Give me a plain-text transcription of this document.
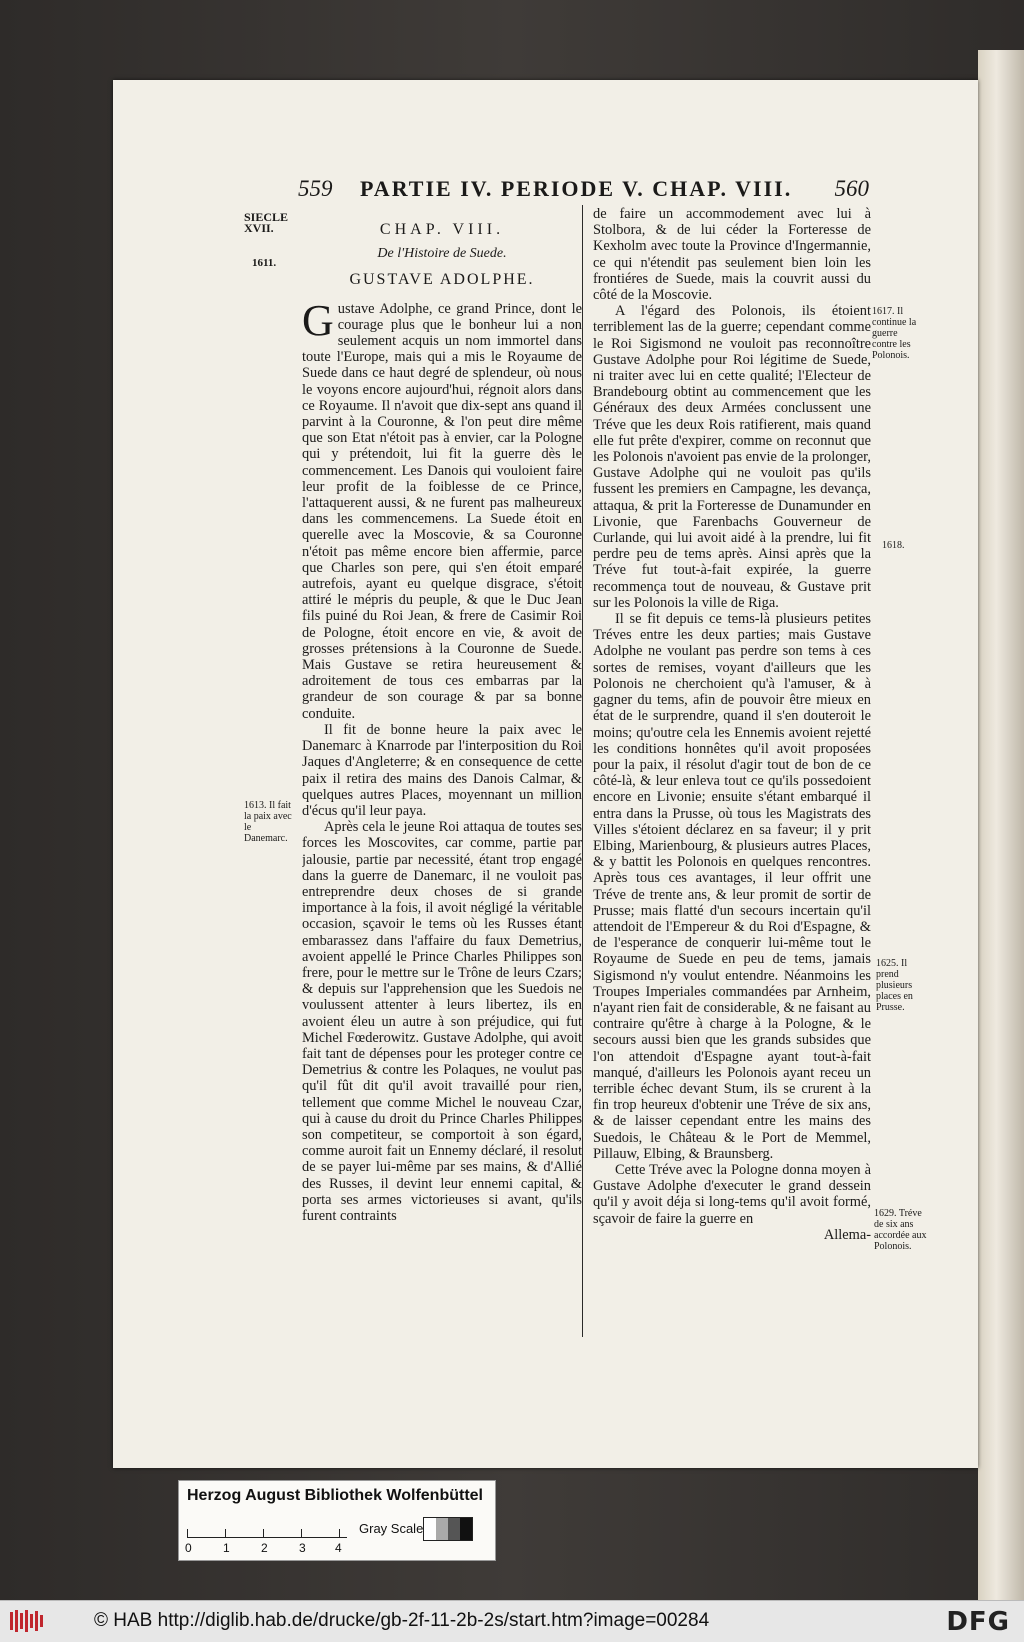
559 PARTIE IV. PERIODE V. CHAP. VIII. 560
SIECLE XVII.
1611.
1613. Il fait la paix avec le Danemarc.
1617. Il continue la guerre contre les Polonois.
1618.
1625. Il prend plusieurs places en Prusse.
1629. Tréve de six ans accordée aux Polonois.
CHAP. VIII.
De l'Histoire de Suede.
GUSTAVE ADOLPHE.

Gustave Adolphe, ce grand Prince, dont le courage plus que le bonheur lui a non seulement acquis un nom immortel dans toute l'Europe, mais qui a mis le Royaume de Suede dans ce haut degré de splendeur, où nous le voyons encore aujourd'hui, régnoit alors dans ce Royaume. Il n'avoit que dix-sept ans quand il parvint à la Couronne, & l'on peut dire même que son Etat n'étoit pas à envier, car la Pologne qui y prétendoit, lui fit la guerre dès le commencement. Les Danois qui vouloient faire leur profit de la foiblesse de ce Prince, l'attaquerent aussi, & ne furent pas malheureux dans les commencemens. La Suede étoit en querelle avec la Moscovie, & sa Couronne n'étoit pas même encore bien affermie, parce que Charles son pere, qui s'en étoit emparé autrefois, ayant eu quelque disgrace, s'étoit attiré le mépris du peuple, & que le Duc Jean fils puiné du Roi Jean, & frere de Casimir Roi de Pologne, étoit encore en vie, & avoit de grosses prétensions à la Couronne de Suede. Mais Gustave se retira heureusement & adroitement de tous ces embarras par la grandeur de son courage & par sa bonne conduite.

Il fit de bonne heure la paix avec le Danemarc à Knarrode par l'interposition du Roi Jaques d'Angleterre; & en consequence de cette paix il retira des mains des Danois Calmar, & quelques autres Places, moyennant un million d'écus qu'il leur paya.

Après cela le jeune Roi attaqua de toutes ses forces les Moscovites, car comme, partie par jalousie, partie par necessité, étant trop engagé dans la guerre de Danemarc, il ne vouloit pas entreprendre deux choses de si grande importance à la fois, il avoit négligé la véritable occasion, sçavoir le tems où les Russes étant embarassez dans l'affaire du faux Demetrius, avoient appellé le Prince Charles Philippes son frere, pour le mettre sur le Trône de leurs Czars; & depuis sur l'apprehension que les Suedois ne voulussent attenter à leurs libertez, ils en avoient éleu un autre à son préjudice, qui fut Michel Fœderowitz. Gustave Adolphe, qui avoit fait tant de dépenses pour les proteger contre ce Demetrius & contre les Polaques, ne voulut pas qu'il fût dit qu'il avoit travaillé pour rien, tellement que comme Michel le nouveau Czar, qui à cause du droit du Prince Charles Philippes son competiteur, se comportoit à son égard, comme auroit fait un Ennemy déclaré, il resolut de se payer lui-même par ses mains, & d'Allié des Russes, il devint leur ennemi capital, & porta ses armes victorieuses si avant, qu'ils furent contraints

de faire un accommodement avec lui à Stolbora, & de lui céder la Forteresse de Kexholm avec toute la Province d'Ingermannie, ce qui n'étendit pas seulement bien loin les frontiéres de Suede, mais la couvrit aussi du côté de la Moscovie.

A l'égard des Polonois, ils étoient terriblement las de la guerre; cependant comme le Roi Sigismond ne vouloit pas reconnoître Gustave Adolphe pour Roi légitime de Suede, ni traiter avec lui en cette qualité; l'Electeur de Brandebourg obtint au commencement que les Généraux des deux Armées conclussent une Tréve que les deux Rois ratifierent, mais quand elle fut prête d'expirer, comme on reconnut que les Polonois n'avoient pas envie de la prolonger, Gustave Adolphe qui ne vouloit pas qu'ils fussent les premiers en Campagne, les devança, attaqua, & prit la Forteresse de Dunamunder en Livonie, que Farenbachs Gouverneur de Curlande, qui lui avoit aidé à la prendre, lui fit perdre peu de tems après. Ainsi après que la Tréve fut tout-à-fait expirée, la guerre recommença tout de nouveau, & Gustave prit sur les Polonois la ville de Riga.

Il se fit depuis ce tems-là plusieurs petites Tréves entre les deux parties; mais Gustave Adolphe ne voulant pas perdre son tems à ces sortes de remises, voyant d'ailleurs que les Polonois ne cherchoient qu'à l'amuser, & à gagner du tems, afin de pouvoir être mieux en état de le surprendre, quand il s'en douteroit le moins; qu'outre cela les Ennemis avoient rejetté les conditions honnêtes qu'il avoit proposées pour la paix, il résolut d'agir tout de bon de ce côté-là, & leur enleva tout ce qu'ils possedoient encore en Livonie; ensuite s'étant embarqué il entra dans la Prusse, où tous les Magistrats des Villes s'étoient déclarez en sa faveur; il y prit Elbing, Marienbourg, & plusieurs autres Places, & y battit les Polonois en quelques rencontres. Après tous ces avantages, il leur offrit une Tréve de trente ans, & leur promit de sortir de Prusse; mais flatté d'un secours incertain qu'il attendoit de l'Empereur & du Roi d'Espagne, & de l'esperance de conquerir lui-même tout le Royaume de Suede en peu de tems, jamais Sigismond n'y voulut entendre. Néanmoins les Troupes Imperiales commandées par Arnheim, n'ayant rien fait de considerable, & ne faisant au contraire qu'être à charge à la Pologne, & le secours aussi bien que les grands subsides que l'on attendoit d'Espagne ayant tout-à-fait manqué, d'ailleurs les Polonois ayant receu un terrible échec devant Stum, ils se crurent à la fin trop heureux d'obtenir une Tréve de six ans, & de laisser cependant entre les mains des Suedois, le Château & le Port de Memmel, Pillauw, Elbing, & Braunsberg.

Cette Tréve avec la Pologne donna moyen à Gustave Adolphe d'executer le grand dessein qu'il y avoit déja si long-tems qu'il avoit formé, sçavoir de faire la guerre en

Allema-

Herzog August Bibliothek Wolfenbüttel
0	1	2	3 4
Gray Scale
© HAB http://diglib.hab.de/drucke/gb-2f-11-2b-2s/start.htm?image=00284	DFG
